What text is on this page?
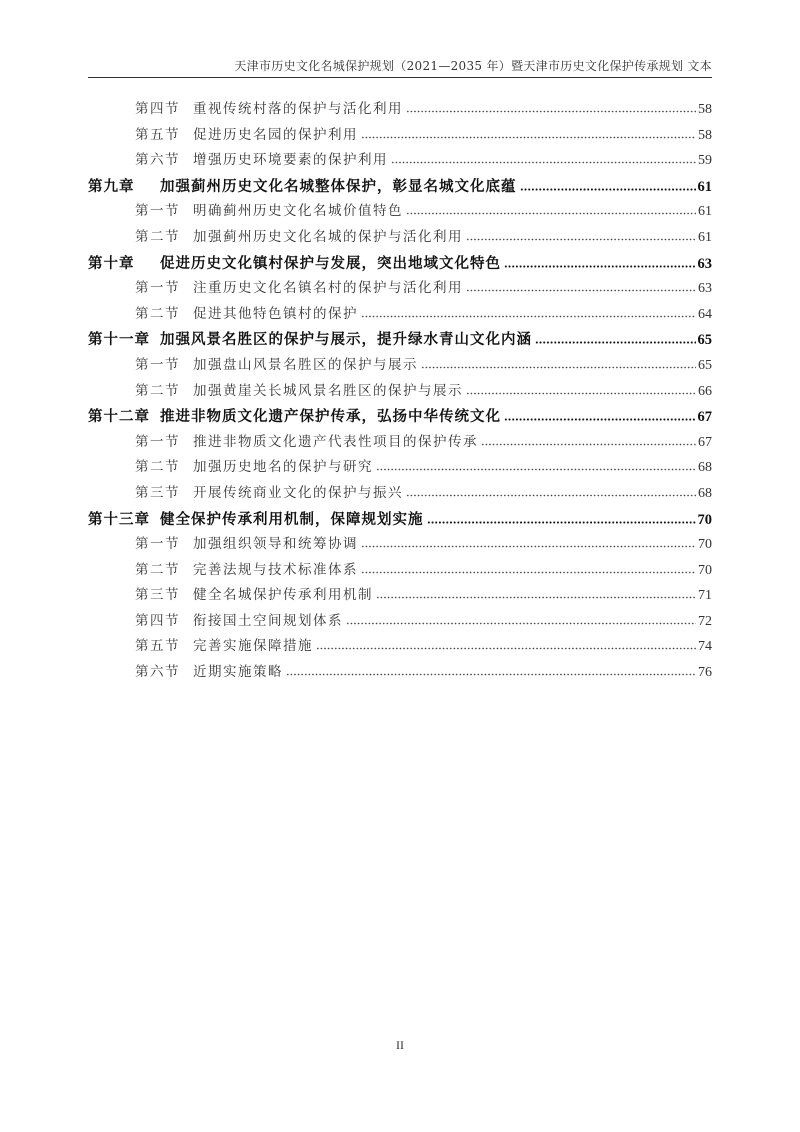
天津市历史文化名城保护规划（2021—2035 年）暨天津市历史文化保护传承规划 文本
第四节 重视传统村落的保护与活化利用	58
第五节 促进历史名园的保护利用	58
第六节 增强历史环境要素的保护利用	59
第九章	加强蓟州历史文化名城整体保护，彰显名城文化底蕴	61
第一节 明确蓟州历史文化名城价值特色	61
第二节 加强蓟州历史文化名城的保护与活化利用	61
第十章	促进历史文化镇村保护与发展，突出地域文化特色	63
第一节 注重历史文化名镇名村的保护与活化利用	63
第二节 促进其他特色镇村的保护	64
第十一章 加强风景名胜区的保护与展示，提升绿水青山文化内涵	65
第一节 加强盘山风景名胜区的保护与展示	65
第二节 加强黄崖关长城风景名胜区的保护与展示	66
第十二章 推进非物质文化遗产保护传承，弘扬中华传统文化	67
第一节 推进非物质文化遗产代表性项目的保护传承	67
第二节 加强历史地名的保护与研究	68
第三节 开展传统商业文化的保护与振兴	68
第十三章 健全保护传承利用机制，保障规划实施	70
第一节 加强组织领导和统筹协调	70
第二节 完善法规与技术标准体系	70
第三节 健全名城保护传承利用机制	71
第四节 衔接国土空间规划体系	72
第五节 完善实施保障措施	74
第六节 近期实施策略	76
II
